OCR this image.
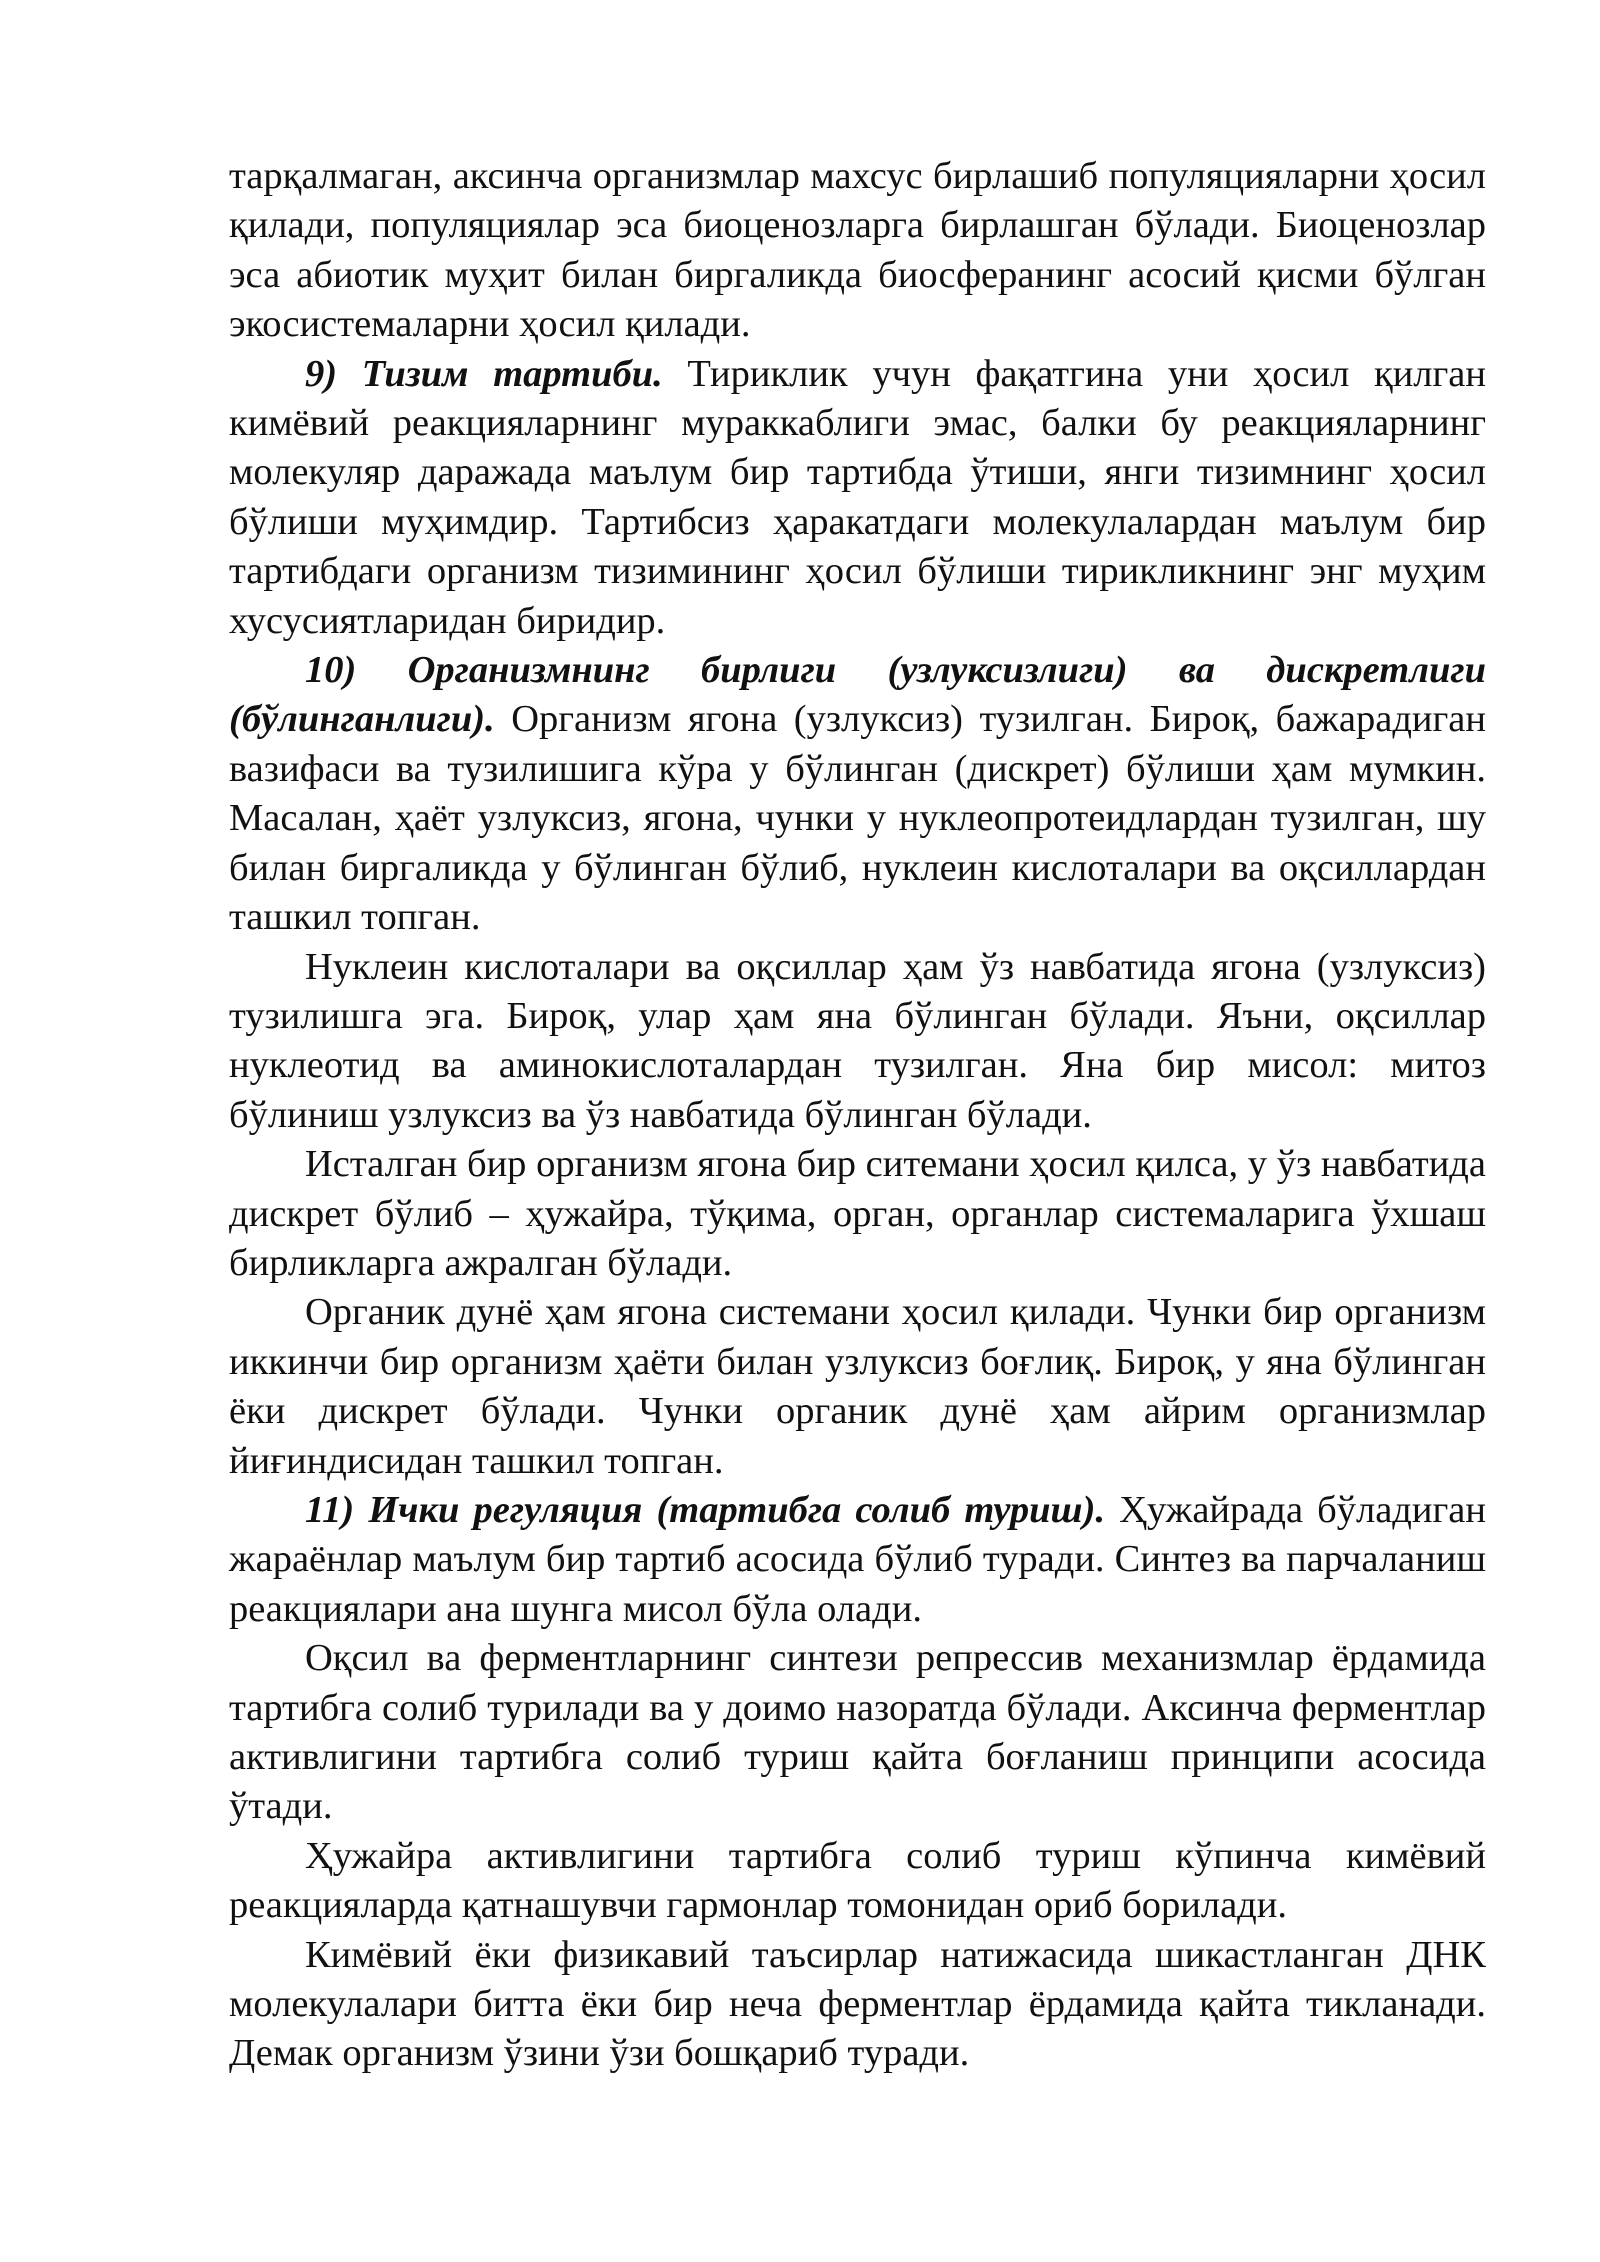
тарқалмаган, аксинча организмлар махсус бирлашиб популяцияларни ҳосил қилади, популяциялар эса биоценозларга бирлашган бўлади. Биоценозлар эса абиотик муҳит билан биргаликда биосферанинг асосий қисми бўлган экосистемаларни ҳосил қилади.

9) Тизим тартиби. Тириклик учун фақатгина уни ҳосил қилган кимёвий реакцияларнинг мураккаблиги эмас, балки бу реакцияларнинг молекуляр даражада маълум бир тартибда ўтиши, янги тизимнинг ҳосил бўлиши муҳимдир. Тартибсиз ҳаракатдаги молекулалардан маълум бир тартибдаги организм тизимининг ҳосил бўлиши тирикликнинг энг муҳим хусусиятларидан биридир.

10) Организмнинг бирлиги (узлуксизлиги) ва дискретлиги (бўлинганлиги). Организм ягона (узлуксиз) тузилган. Бироқ, бажарадиган вазифаси ва тузилишига кўра у бўлинган (дискрет) бўлиши ҳам мумкин. Масалан, ҳаёт узлуксиз, ягона, чунки у нуклеопротеидлардан тузилган, шу билан биргаликда у бўлинган бўлиб, нуклеин кислоталари ва оқсиллардан ташкил топган.

Нуклеин кислоталари ва оқсиллар ҳам ўз навбатида ягона (узлуксиз) тузилишга эга. Бироқ, улар ҳам яна бўлинган бўлади. Яъни, оқсиллар нуклеотид ва аминокислоталардан тузилган. Яна бир мисол: митоз бўлиниш узлуксиз ва ўз навбатида бўлинган бўлади.

Исталган бир организм ягона бир ситемани ҳосил қилса, у ўз навбатида дискрет бўлиб – ҳужайра, тўқима, орган, органлар системаларига ўхшаш бирликларга ажралган бўлади.

Органик дунё ҳам ягона системани ҳосил қилади. Чунки бир организм иккинчи бир организм ҳаёти билан узлуксиз боғлиқ. Бироқ, у яна бўлинган ёки дискрет бўлади. Чунки органик дунё ҳам айрим организмлар йиғиндисидан ташкил топган.

11) Ички регуляция (тартибга солиб туриш). Ҳужайрада бўладиган жараёнлар маълум бир тартиб асосида бўлиб туради. Синтез ва парчаланиш реакциялари ана шунга мисол бўла олади.

Оқсил ва ферментларнинг синтези репрессив механизмлар ёрдамида тартибга солиб турилади ва у доимо назоратда бўлади. Аксинча ферментлар активлигини тартибга солиб туриш қайта боғланиш принципи асосида ўтади.

Ҳужайра активлигини тартибга солиб туриш кўпинча кимёвий реакцияларда қатнашувчи гармонлар томонидан ориб борилади.

Кимёвий ёки физикавий таъсирлар натижасида шикастланган ДНК молекулалари битта ёки бир неча ферментлар ёрдамида қайта тикланади. Демак организм ўзини ўзи бошқариб туради.
